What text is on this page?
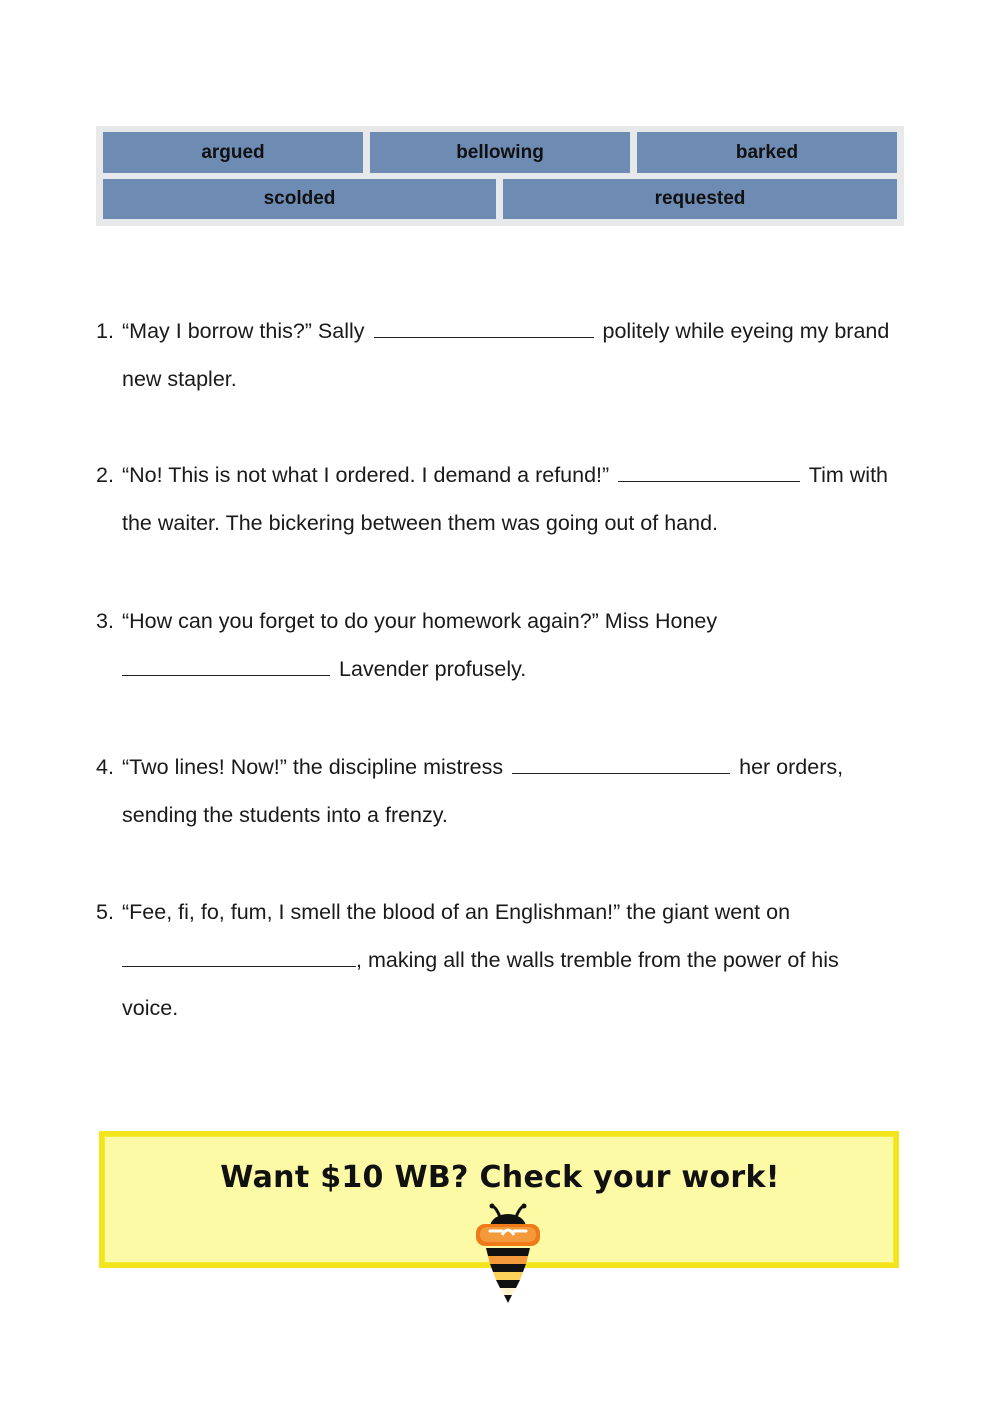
argued	bellowing	barked
scolded	requested
1. “May I borrow this?” Sally	politely while eyeing my brand new stapler.
2. “No! This is not what I ordered. I demand a refund!”	Tim with the waiter. The bickering between them was going out of hand.
3. “How can you forget to do your homework again?” Miss Honey  Lavender profusely.
4. “Two lines! Now!” the discipline mistress	her orders, sending the students into a frenzy.
5. “Fee, fi, fo, fum, I smell the blood of an Englishman!” the giant went on , making all the walls tremble from the power of his voice.
Want $10 WB? Check your work!
